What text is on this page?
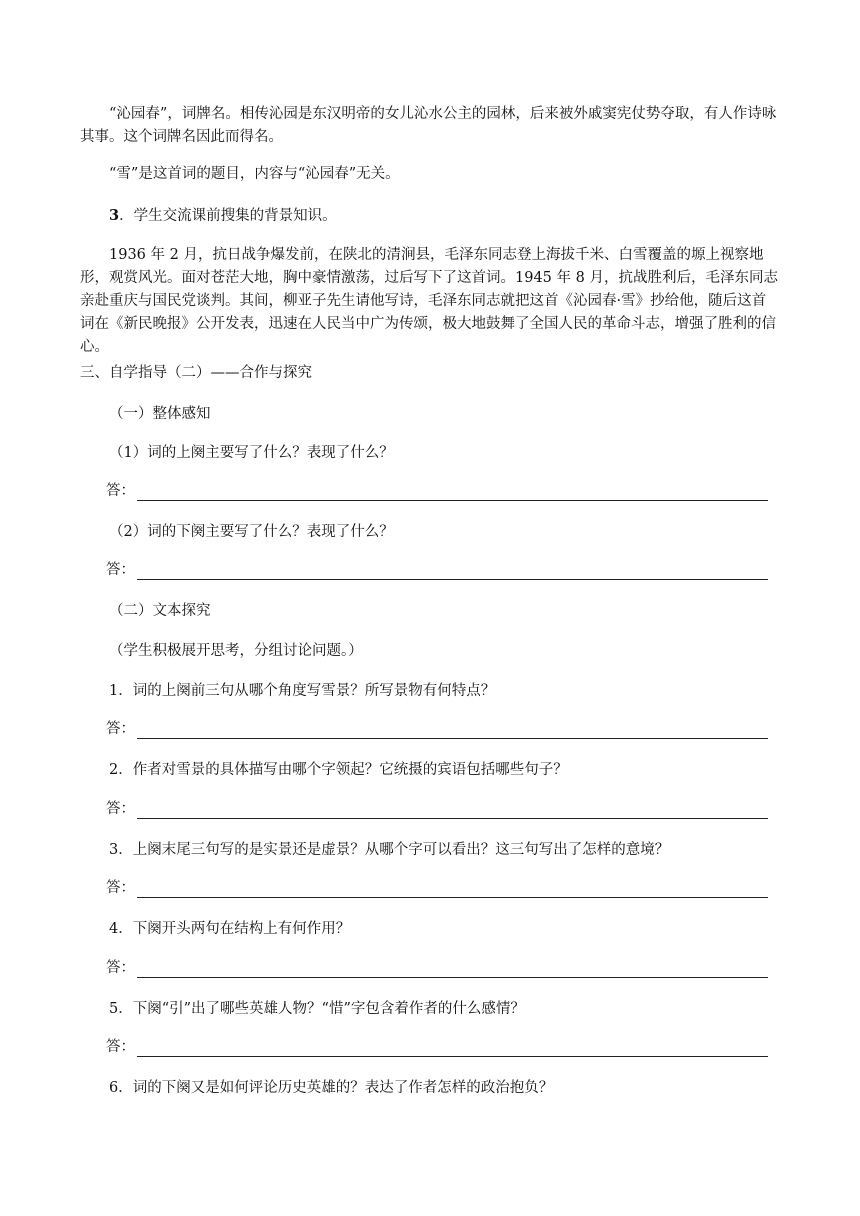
“沁园春”，词牌名。相传沁园是东汉明帝的女儿沁水公主的园林，后来被外戚窦宪仗势夺取，有人作诗咏其事。这个词牌名因此而得名。

“雪”是这首词的题目，内容与“沁园春”无关。

3．学生交流课前搜集的背景知识。

1936 年 2 月，抗日战争爆发前，在陕北的清涧县，毛泽东同志登上海拔千米、白雪覆盖的塬上视察地形，观赏风光。面对苍茫大地，胸中豪情激荡，过后写下了这首词。1945 年 8 月，抗战胜利后，毛泽东同志亲赴重庆与国民党谈判。其间，柳亚子先生请他写诗，毛泽东同志就把这首《沁园春·雪》抄给他，随后这首词在《新民晚报》公开发表，迅速在人民当中广为传颂，极大地鼓舞了全国人民的革命斗志，增强了胜利的信心。

三、自学指导（二）——合作与探究

（一）整体感知

（1）词的上阕主要写了什么？表现了什么？

答：

（2）词的下阕主要写了什么？表现了什么？

答：

（二）文本探究

（学生积极展开思考，分组讨论问题。）

1．词的上阕前三句从哪个角度写雪景？所写景物有何特点？

答：

2．作者对雪景的具体描写由哪个字领起？它统摄的宾语包括哪些句子？

答：

3．上阕末尾三句写的是实景还是虚景？从哪个字可以看出？这三句写出了怎样的意境？

答：

4．下阕开头两句在结构上有何作用？

答：

5．下阕“引”出了哪些英雄人物？“惜”字包含着作者的什么感情？

答：

6．词的下阕又是如何评论历史英雄的？表达了作者怎样的政治抱负？
